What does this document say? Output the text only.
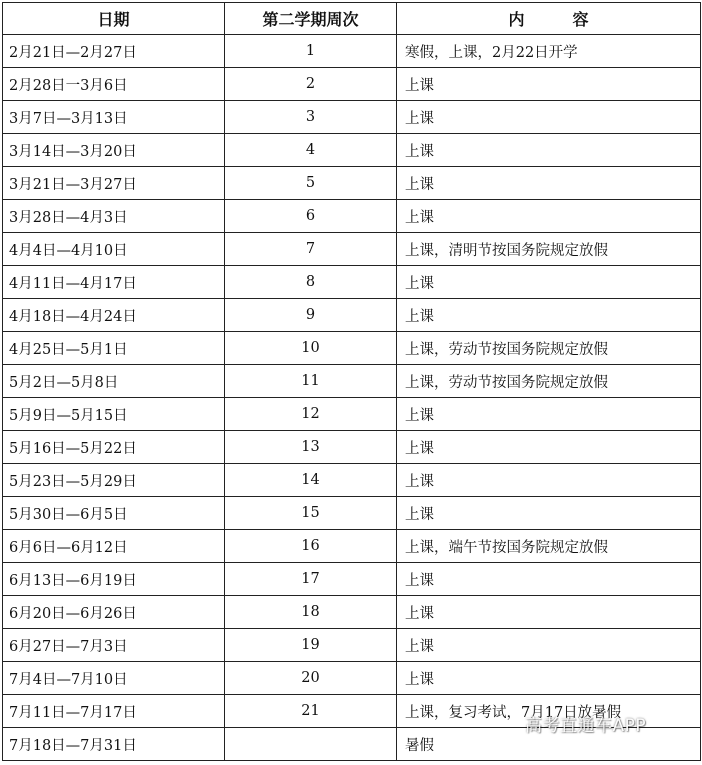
日期	第二学期周次	内　　　容
2月21日—2月27日	1	寒假，上课，2月22日开学
2月28日一3月6日	2	上课
3月7日—3月13日	3	上课
3月14日—3月20日	4	上课
3月21日—3月27日	5	上课
3月28日—4月3日	6	上课
4月4日—4月10日	7	上课，清明节按国务院规定放假
4月11日—4月17日	8	上课
4月18日—4月24日	9	上课
4月25日—5月1日	10	上课，劳动节按国务院规定放假
5月2日—5月8日	11	上课，劳动节按国务院规定放假
5月9日—5月15日	12	上课
5月16日—5月22日	13	上课
5月23日—5月29日	14	上课
5月30日—6月5日	15	上课
6月6日—6月12日	16	上课，端午节按国务院规定放假
6月13日—6月19日	17	上课
6月20日—6月26日	18	上课
6月27日—7月3日	19	上课
7月4日—7月10日	20	上课
7月11日—7月17日	21	上课，复习考试，7月17日放暑假
7月18日—7月31日		暑假
高考直通车APP
